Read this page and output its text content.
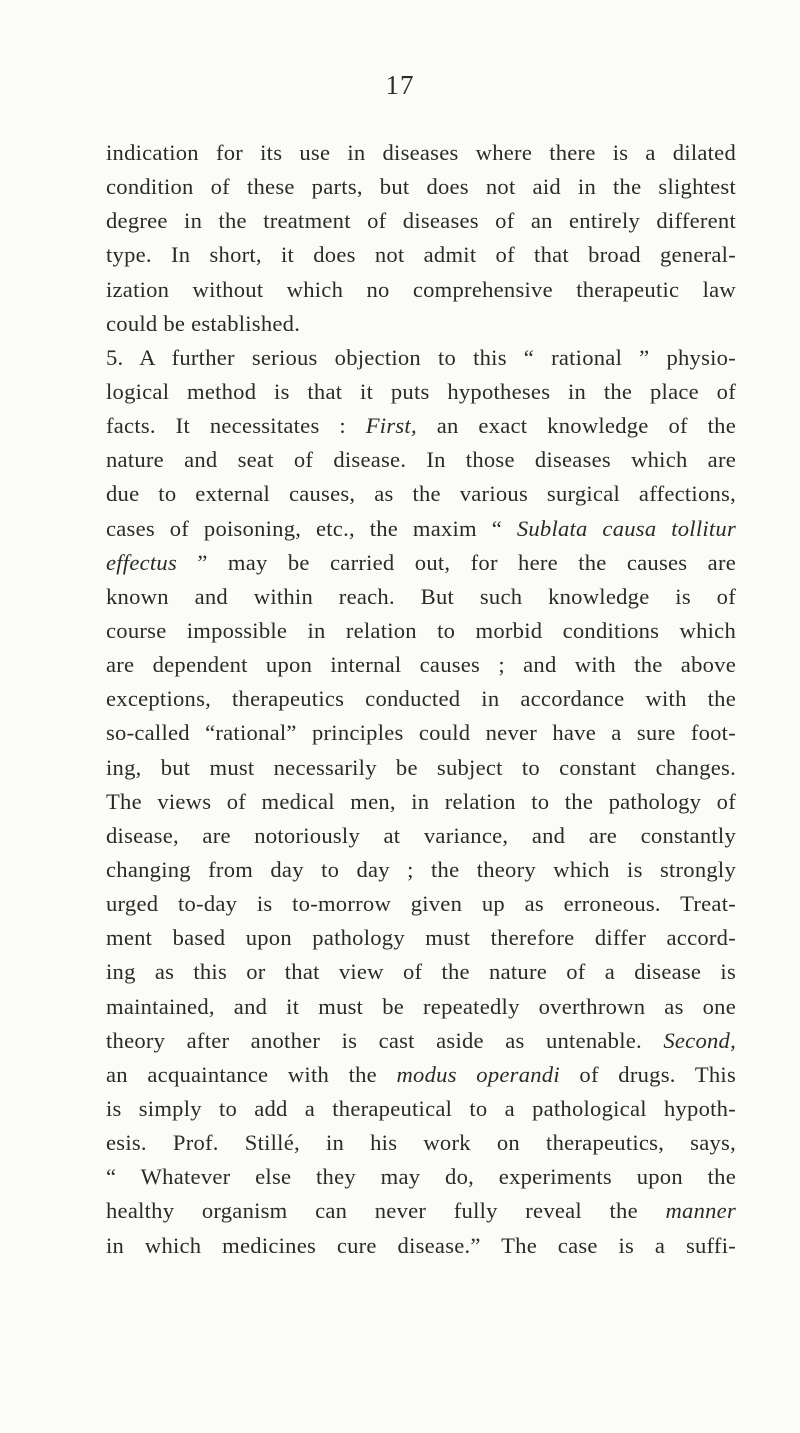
17
indication for its use in diseases where there is a dilated
condition of these parts, but does not aid in the slightest
degree in the treatment of diseases of an entirely different
type. In short, it does not admit of that broad general-
ization without which no comprehensive therapeutic law
could be established.
5. A further serious objection to this “ rational ” physio-
logical method is that it puts hypotheses in the place of
facts. It necessitates : First, an exact knowledge of the
nature and seat of disease. In those diseases which are
due to external causes, as the various surgical affections,
cases of poisoning, etc., the maxim “ Sublata causa tollitur
effectus ” may be carried out, for here the causes are
known and within reach. But such knowledge is of
course impossible in relation to morbid conditions which
are dependent upon internal causes ; and with the above
exceptions, therapeutics conducted in accordance with the
so-called “rational” principles could never have a sure foot-
ing, but must necessarily be subject to constant changes.
The views of medical men, in relation to the pathology of
disease, are notoriously at variance, and are constantly
changing from day to day ; the theory which is strongly
urged to-day is to-morrow given up as erroneous. Treat-
ment based upon pathology must therefore differ accord-
ing as this or that view of the nature of a disease is
maintained, and it must be repeatedly overthrown as one
theory after another is cast aside as untenable. Second,
an acquaintance with the modus operandi of drugs. This
is simply to add a therapeutical to a pathological hypoth-
esis. Prof. Stillé, in his work on therapeutics, says,
“ Whatever else they may do, experiments upon the
healthy organism can never fully reveal the manner
in which medicines cure disease.” The case is a suffi-
